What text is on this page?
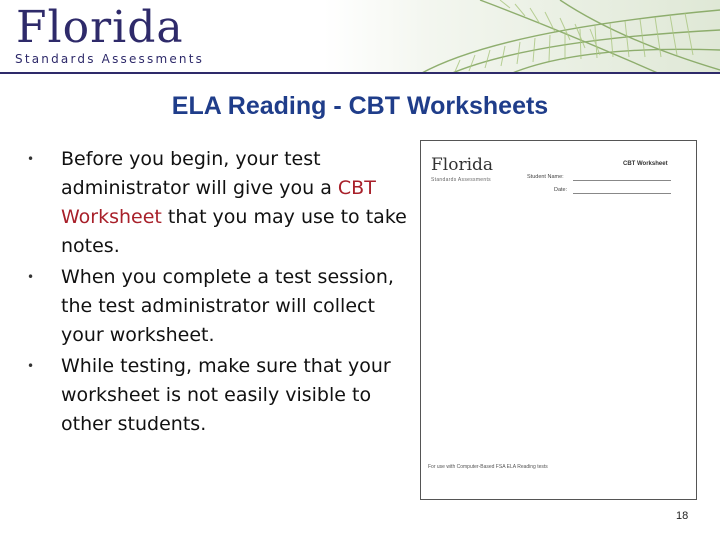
Florida
Standards Assessments
ELA Reading - CBT Worksheets
• Before you begin, your test administrator will give you a CBT Worksheet that you may use to take notes.
• When you complete a test session, the test administrator will collect your worksheet.
• While testing, make sure that your worksheet is not easily visible to other students.
Florida
Standards Assessments
CBT Worksheet
Student Name:
Date:
For use with Computer-Based FSA ELA Reading tests
18
